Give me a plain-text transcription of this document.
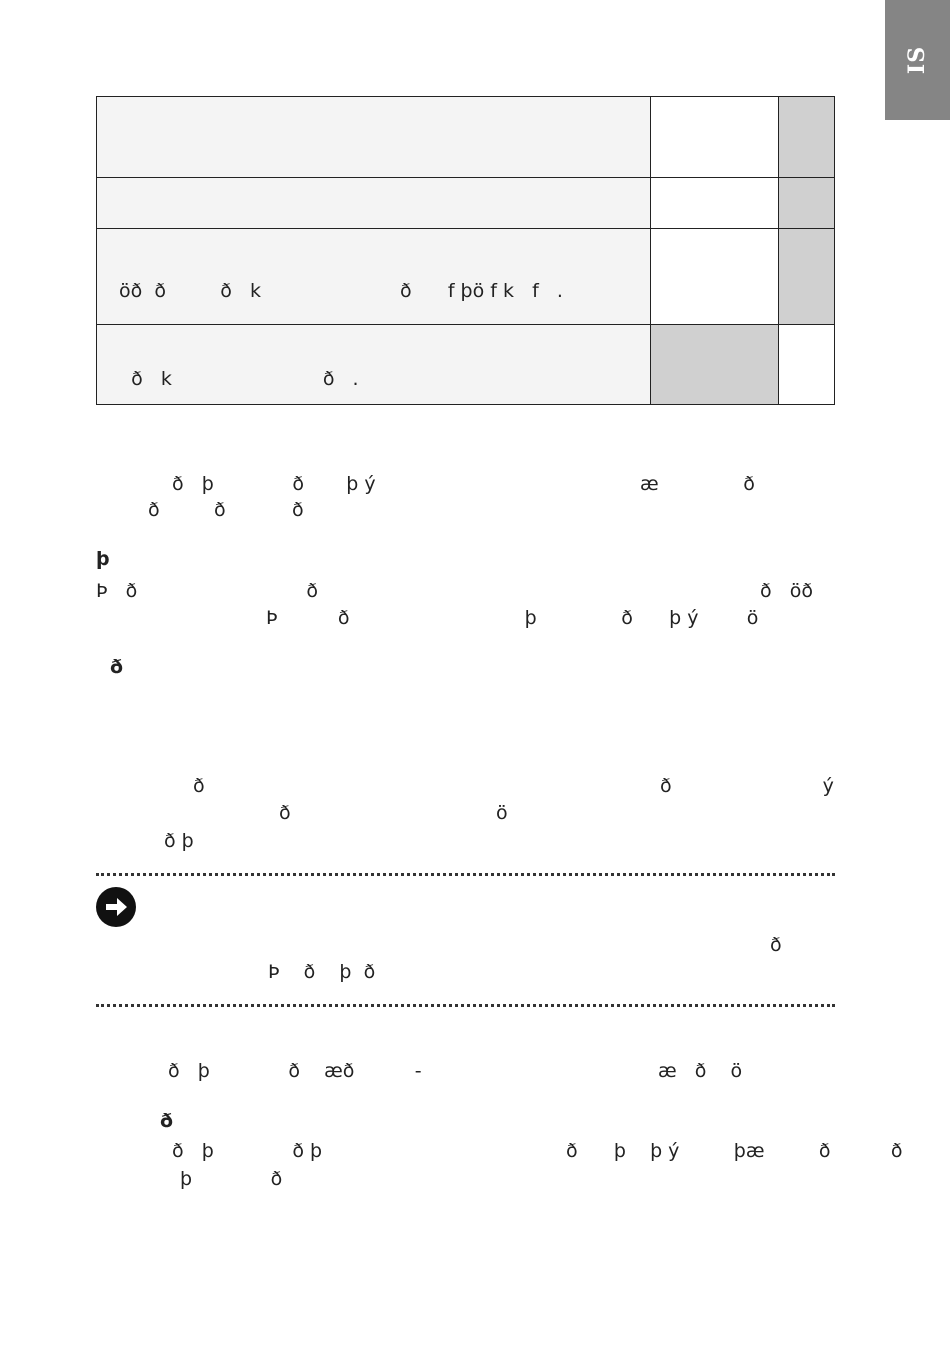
IS

öð  ð         ð   k                       ð      f þö f k   f   .		
ð   k                         ð   .		
ð   þ             ð       þ ý	æ              ð
ð         ð           ð
þ
Þ   ð                            ð	ð   öð
Þ          ð                             þ              ð      þ ý        ö
ð
ð	ð                         ý
ð                                  ö
ð þ
ð
Þ    ð    þ  ð
ð   þ             ð    æð          -	æ   ð    ö
ð
ð   þ             ð þ	ð      þ    þ ý         þæ         ð          ð
þ             ð
